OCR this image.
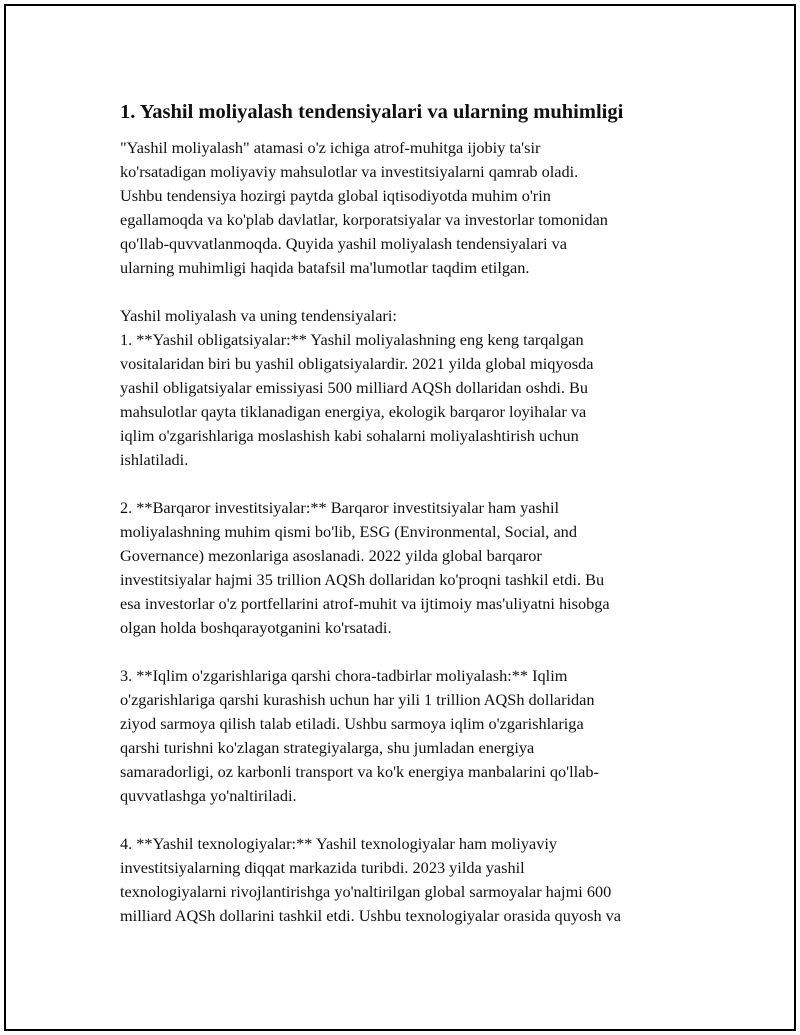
1. Yashil moliyalash tendensiyalari va ularning muhimligi

"Yashil moliyalash" atamasi o'z ichiga atrof-muhitga ijobiy ta'sir
ko'rsatadigan moliyaviy mahsulotlar va investitsiyalarni qamrab oladi.
Ushbu tendensiya hozirgi paytda global iqtisodiyotda muhim o'rin
egallamoqda va ko'plab davlatlar, korporatsiyalar va investorlar tomonidan
qo'llab-quvvatlanmoqda. Quyida yashil moliyalash tendensiyalari va
ularning muhimligi haqida batafsil ma'lumotlar taqdim etilgan.

Yashil moliyalash va uning tendensiyalari:

1. **Yashil obligatsiyalar:** Yashil moliyalashning eng keng tarqalgan
vositalaridan biri bu yashil obligatsiyalardir. 2021 yilda global miqyosda
yashil obligatsiyalar emissiyasi 500 milliard AQSh dollaridan oshdi. Bu
mahsulotlar qayta tiklanadigan energiya, ekologik barqaror loyihalar va
iqlim o'zgarishlariga moslashish kabi sohalarni moliyalashtirish uchun
ishlatiladi.

2. **Barqaror investitsiyalar:** Barqaror investitsiyalar ham yashil
moliyalashning muhim qismi bo'lib, ESG (Environmental, Social, and
Governance) mezonlariga asoslanadi. 2022 yilda global barqaror
investitsiyalar hajmi 35 trillion AQSh dollaridan ko'proqni tashkil etdi. Bu
esa investorlar o'z portfellarini atrof-muhit va ijtimoiy mas'uliyatni hisobga
olgan holda boshqarayotganini ko'rsatadi.

3. **Iqlim o'zgarishlariga qarshi chora-tadbirlar moliyalash:** Iqlim
o'zgarishlariga qarshi kurashish uchun har yili 1 trillion AQSh dollaridan
ziyod sarmoya qilish talab etiladi. Ushbu sarmoya iqlim o'zgarishlariga
qarshi turishni ko'zlagan strategiyalarga, shu jumladan energiya
samaradorligi, oz karbonli transport va ko'k energiya manbalarini qo'llab-
quvvatlashga yo'naltiriladi.

4. **Yashil texnologiyalar:** Yashil texnologiyalar ham moliyaviy
investitsiyalarning diqqat markazida turibdi. 2023 yilda yashil
texnologiyalarni rivojlantirishga yo'naltirilgan global sarmoyalar hajmi 600
milliard AQSh dollarini tashkil etdi. Ushbu texnologiyalar orasida quyosh va
